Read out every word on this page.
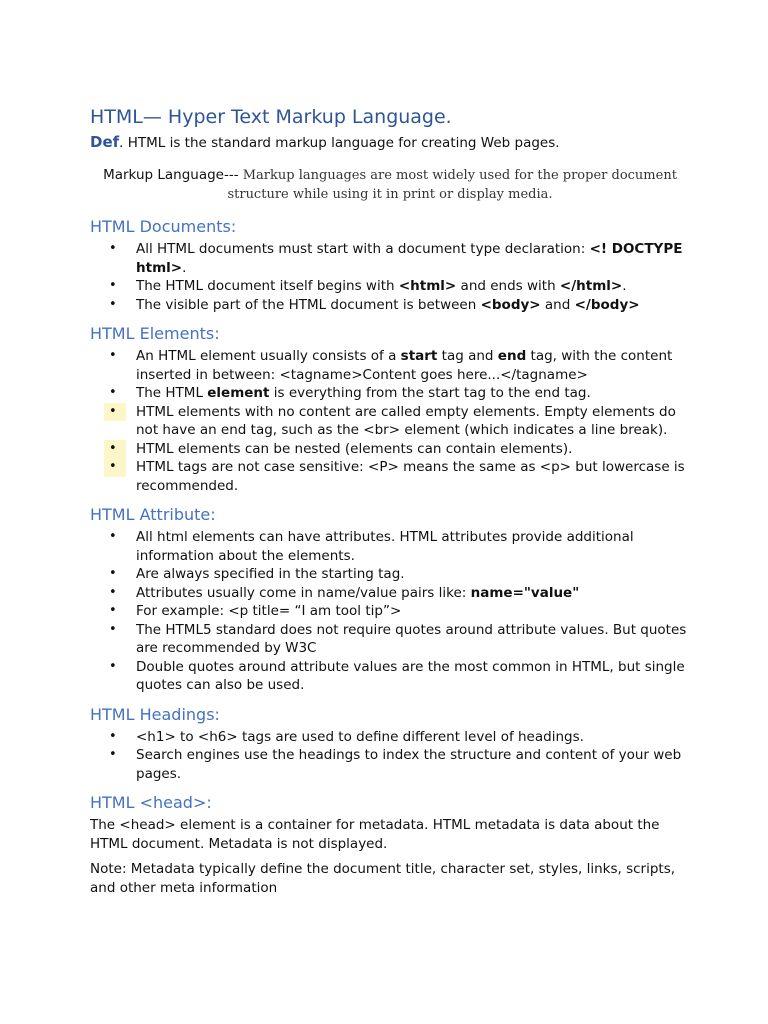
HTML— Hyper Text Markup Language.

Def. HTML is the standard markup language for creating Web pages.

Markup Language--- Markup languages are most widely used for the proper document
structure while using it in print or display media.

HTML Documents:
• All HTML documents must start with a document type declaration: <! DOCTYPE html>.
• The HTML document itself begins with <html> and ends with </html>.
• The visible part of the HTML document is between <body> and </body>
HTML Elements:
• An HTML element usually consists of a start tag and end tag, with the content inserted in between: <tagname>Content goes here...</tagname>
• The HTML element is everything from the start tag to the end tag.
• HTML elements with no content are called empty elements. Empty elements do not have an end tag, such as the <br> element (which indicates a line break).
• HTML elements can be nested (elements can contain elements).
• HTML tags are not case sensitive: <P> means the same as <p> but lowercase is recommended.
HTML Attribute:
• All html elements can have attributes. HTML attributes provide additional information about the elements.
• Are always specified in the starting tag.
• Attributes usually come in name/value pairs like: name="value"
• For example: <p title= “I am tool tip”>
• The HTML5 standard does not require quotes around attribute values. But quotes are recommended by W3C
• Double quotes around attribute values are the most common in HTML, but single quotes can also be used.
HTML Headings:
• <h1> to <h6> tags are used to define different level of headings.
• Search engines use the headings to index the structure and content of your web pages.
HTML <head>:

The <head> element is a container for metadata. HTML metadata is data about the HTML document. Metadata is not displayed.

Note: Metadata typically define the document title, character set, styles, links, scripts, and other meta information
